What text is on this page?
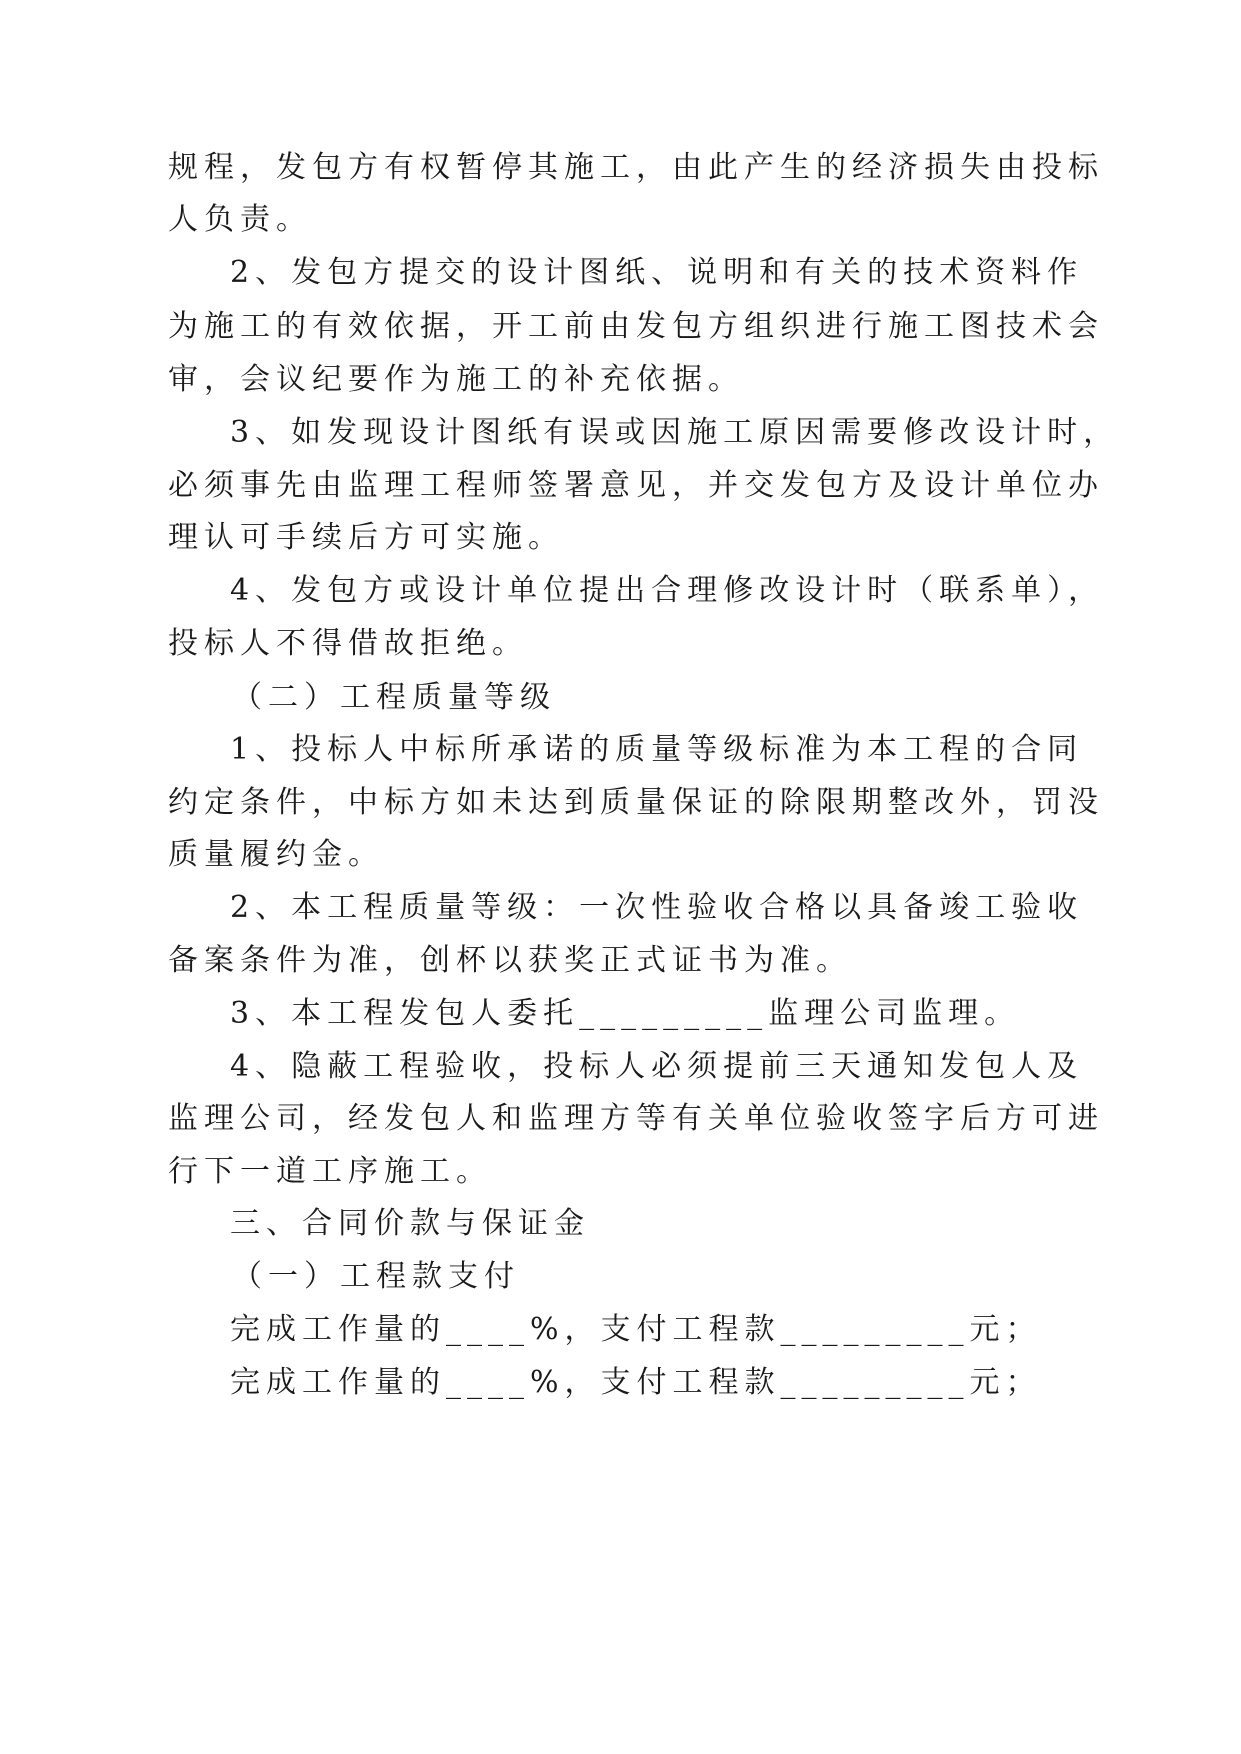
规程，发包方有权暂停其施工，由此产生的经济损失由投标
人负责。
2、发包方提交的设计图纸、说明和有关的技术资料作
为施工的有效依据，开工前由发包方组织进行施工图技术会
审，会议纪要作为施工的补充依据。
3、如发现设计图纸有误或因施工原因需要修改设计时，
必须事先由监理工程师签署意见，并交发包方及设计单位办
理认可手续后方可实施。
4、发包方或设计单位提出合理修改设计时（联系单），
投标人不得借故拒绝。
（二）工程质量等级
1、投标人中标所承诺的质量等级标准为本工程的合同
约定条件，中标方如未达到质量保证的除限期整改外，罚没
质量履约金。
2、本工程质量等级：一次性验收合格以具备竣工验收
备案条件为准，创杯以获奖正式证书为准。
3、本工程发包人委托_________监理公司监理。
4、隐蔽工程验收，投标人必须提前三天通知发包人及
监理公司，经发包人和监理方等有关单位验收签字后方可进
行下一道工序施工。
三、合同价款与保证金
（一）工程款支付
完成工作量的____%，支付工程款_________元；
完成工作量的____%，支付工程款_________元；
